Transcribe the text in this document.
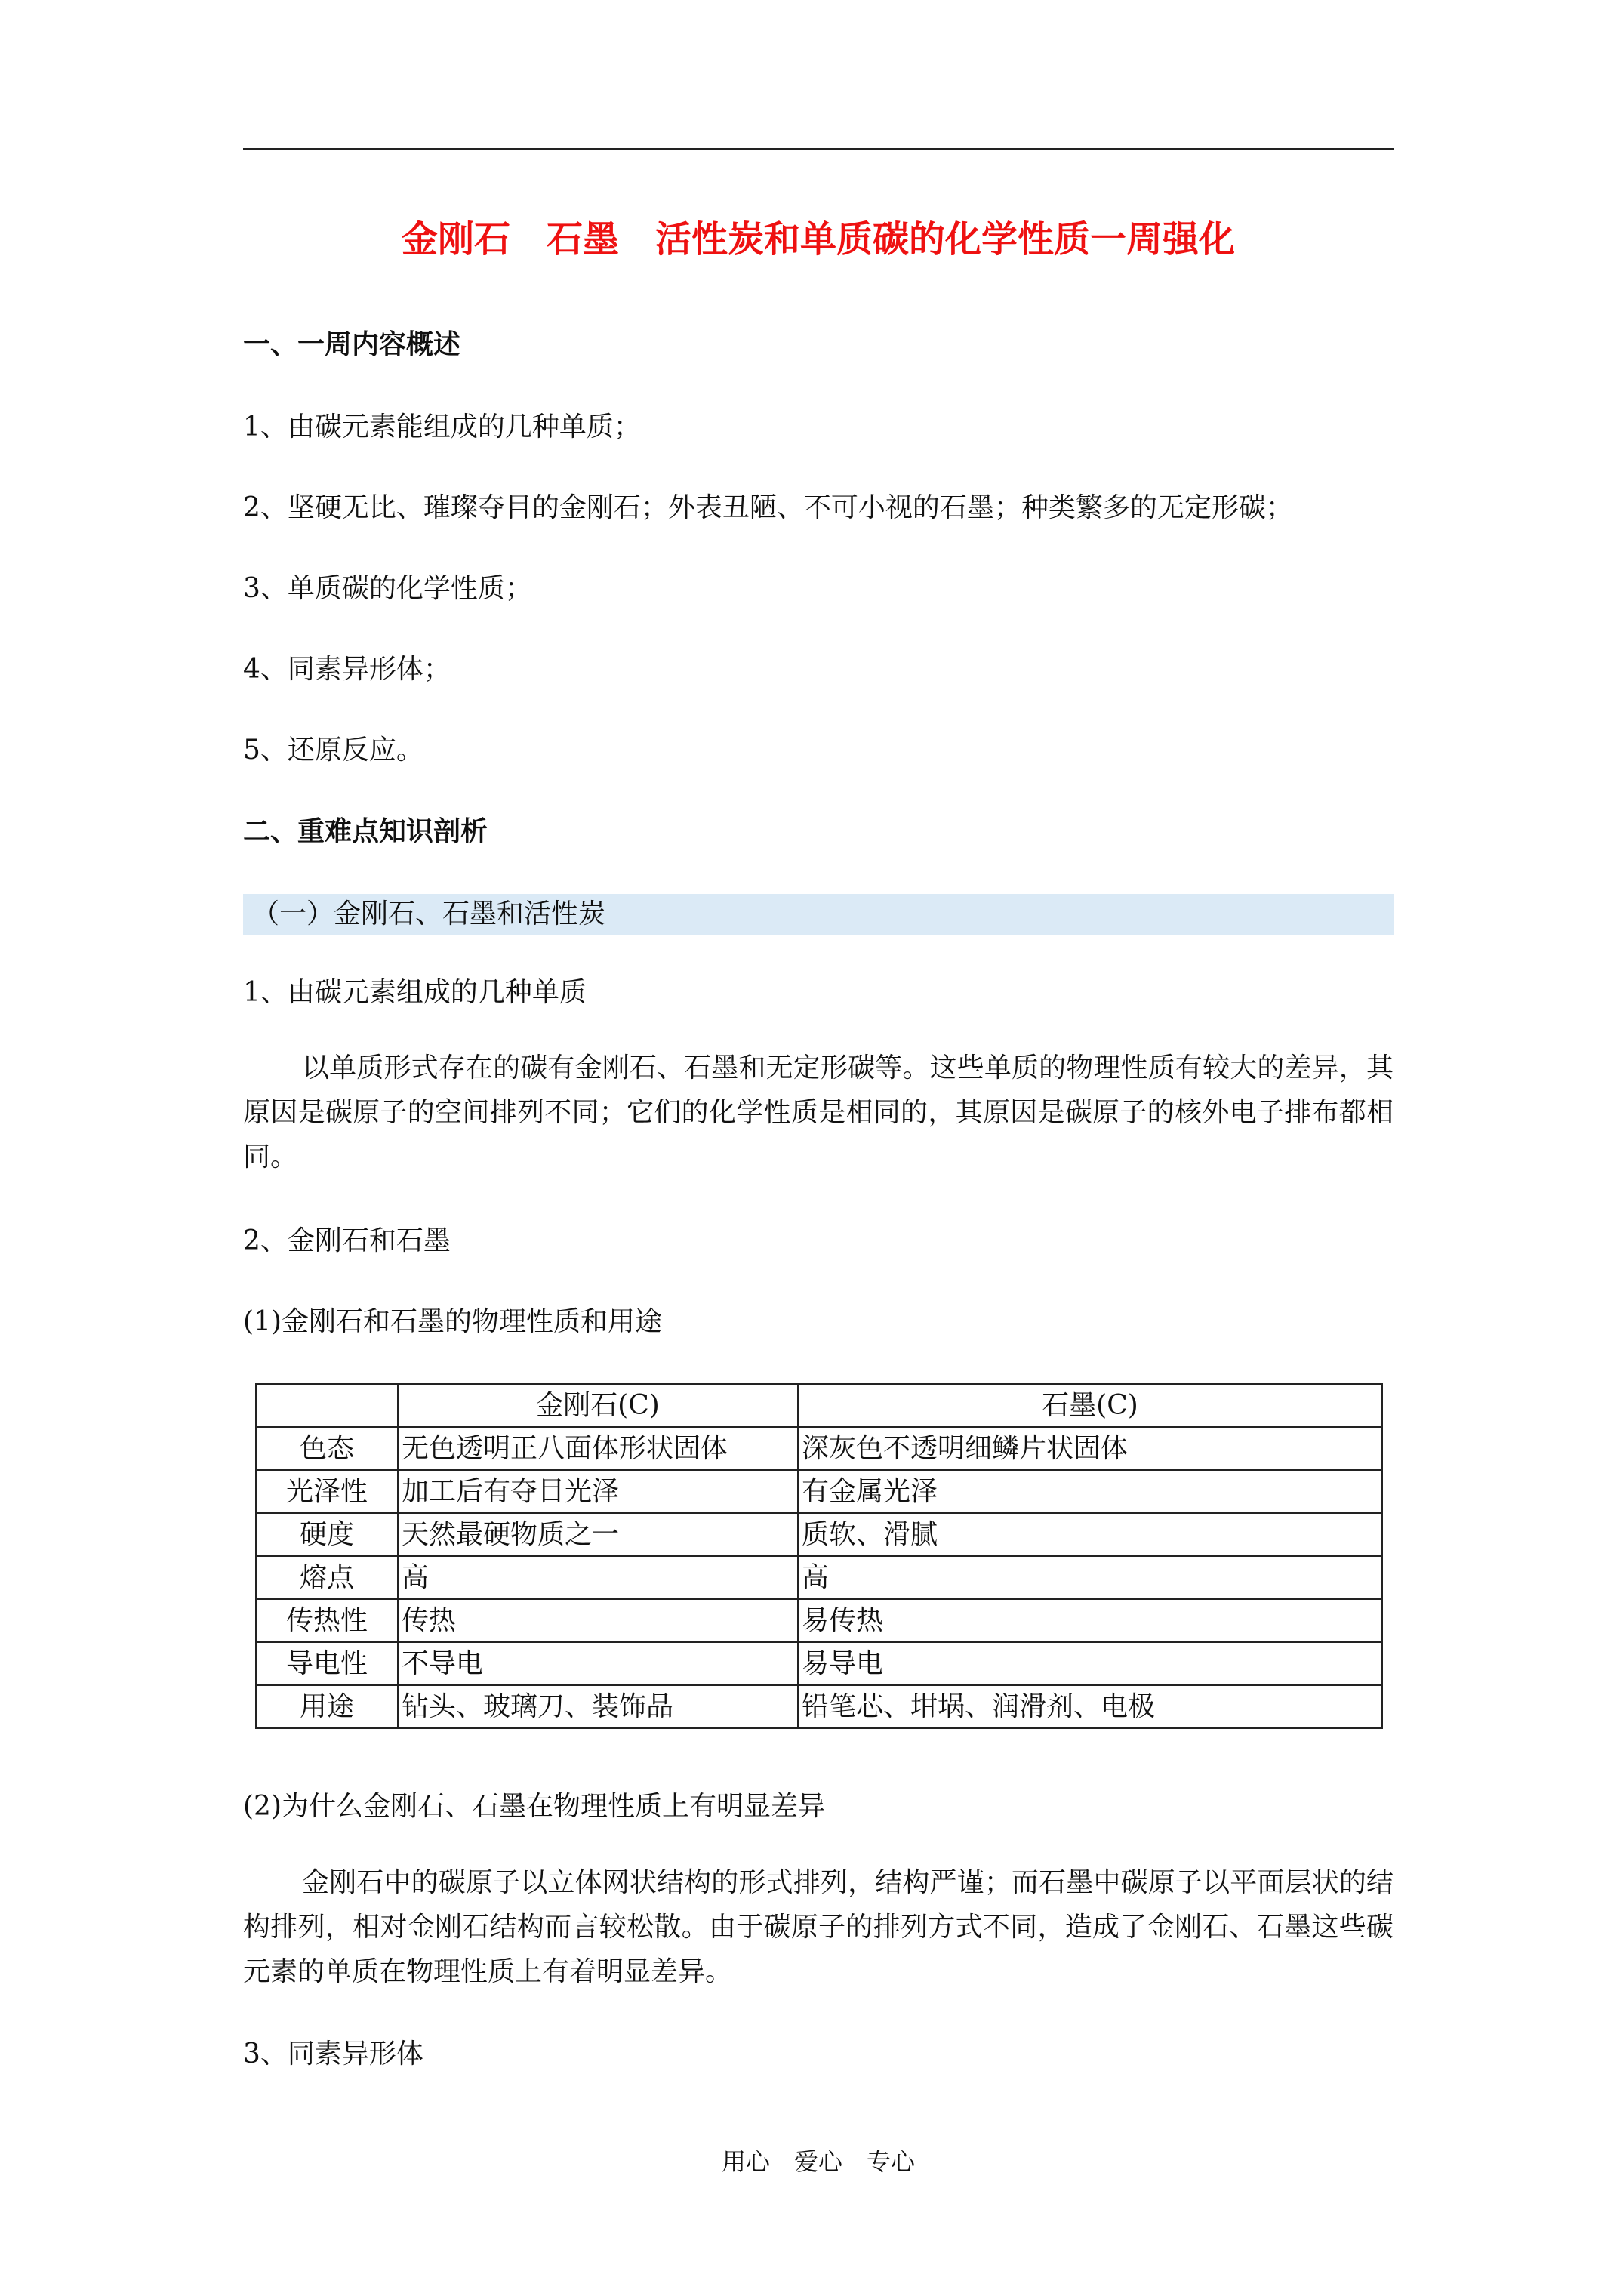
金刚石　石墨　活性炭和单质碳的化学性质一周强化
一、一周内容概述
1、由碳元素能组成的几种单质；
2、坚硬无比、璀璨夺目的金刚石；外表丑陋、不可小视的石墨；种类繁多的无定形碳；
3、单质碳的化学性质；
4、同素异形体；
5、还原反应。
二、重难点知识剖析
（一）金刚石、石墨和活性炭
1、由碳元素组成的几种单质
以单质形式存在的碳有金刚石、石墨和无定形碳等。这些单质的物理性质有较大的差异，其原因是碳原子的空间排列不同；它们的化学性质是相同的，其原因是碳原子的核外电子排布都相同。
2、金刚石和石墨
(1)金刚石和石墨的物理性质和用途
	金刚石(C)	石墨(C)
色态	无色透明正八面体形状固体	深灰色不透明细鳞片状固体
光泽性	加工后有夺目光泽	有金属光泽
硬度	天然最硬物质之一	质软、滑腻
熔点	高	高
传热性	传热	易传热
导电性	不导电	易导电
用途	钻头、玻璃刀、装饰品	铅笔芯、坩埚、润滑剂、电极
(2)为什么金刚石、石墨在物理性质上有明显差异
金刚石中的碳原子以立体网状结构的形式排列，结构严谨；而石墨中碳原子以平面层状的结构排列，相对金刚石结构而言较松散。由于碳原子的排列方式不同，造成了金刚石、石墨这些碳元素的单质在物理性质上有着明显差异。
3、同素异形体
用心　爱心　专心
